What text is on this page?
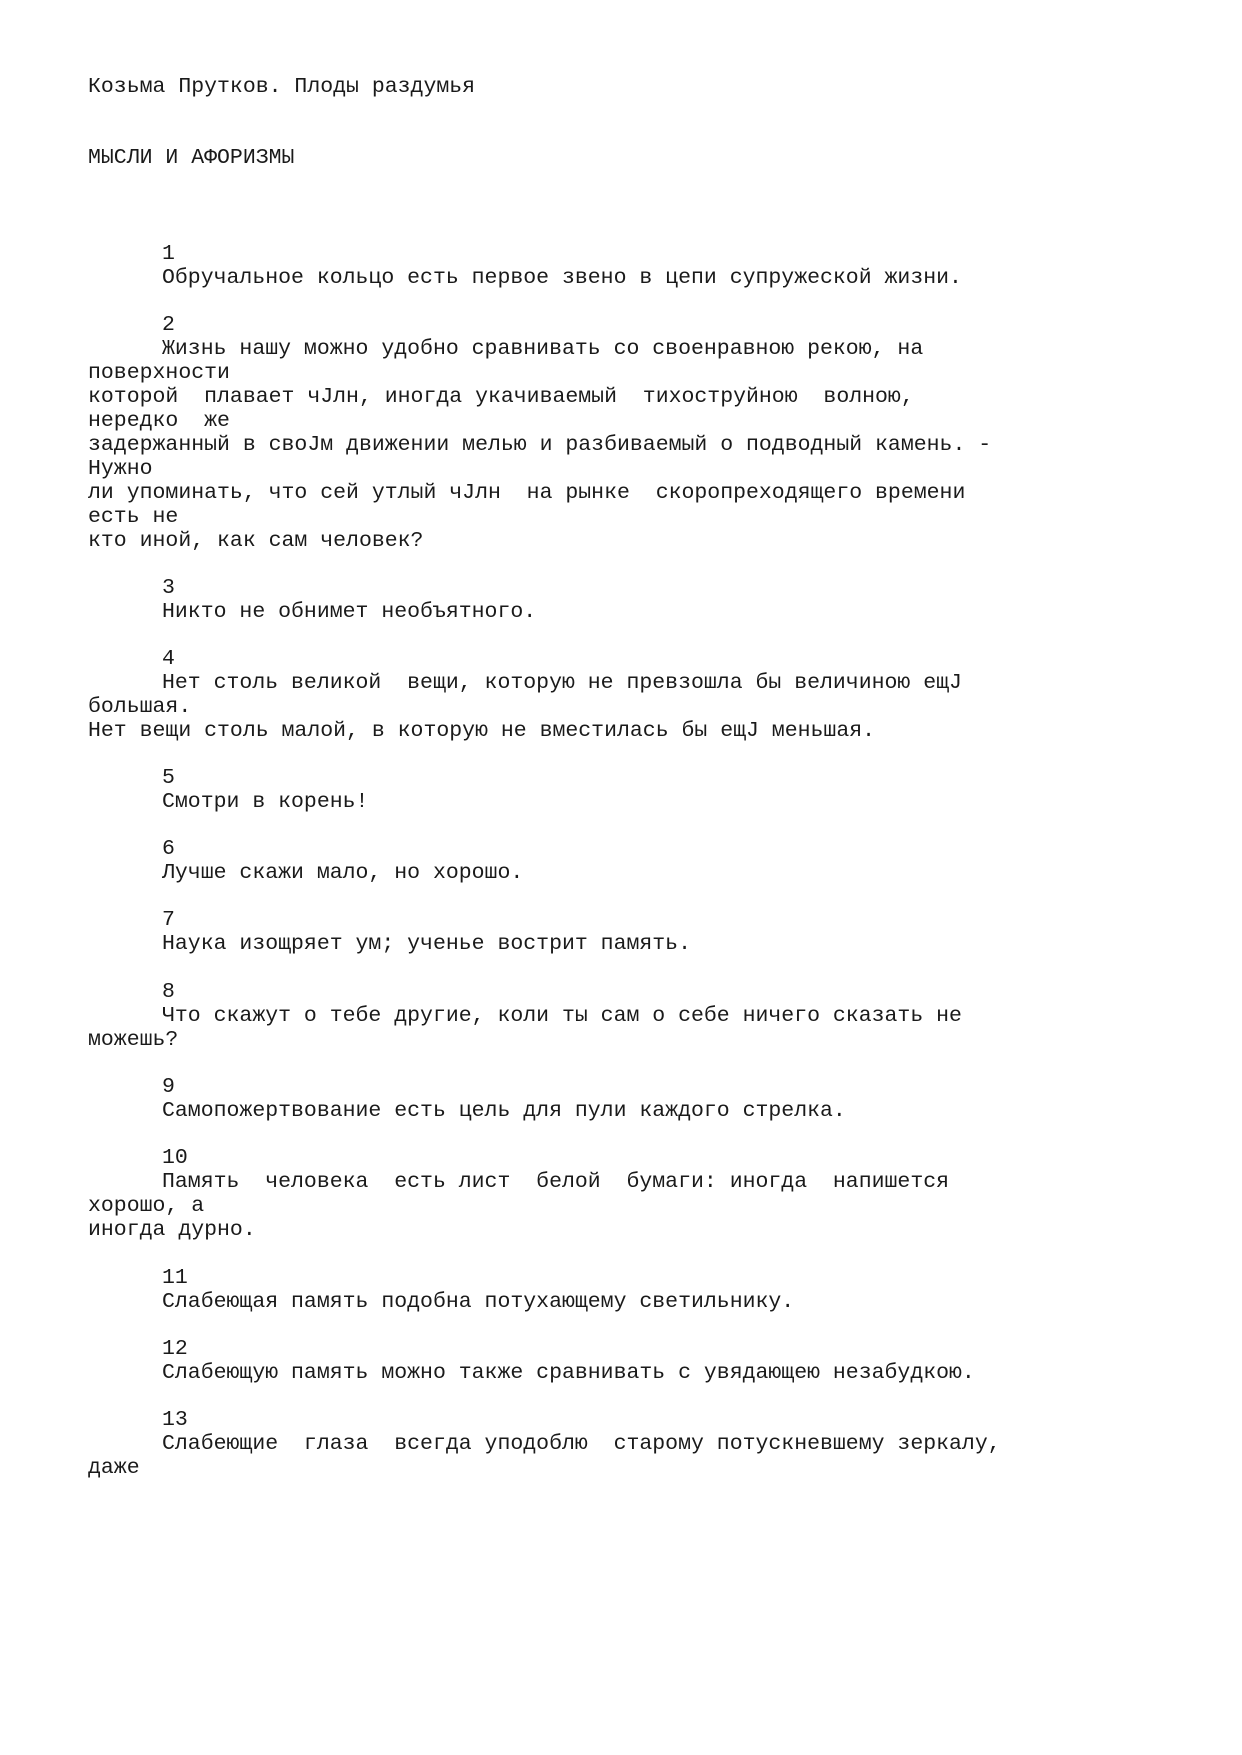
Козьма Прутков. Плоды раздумья
МЫСЛИ И АФОРИЗМЫ
1
Обручальное кольцо есть первое звено в цепи супружеской жизни.
2
Жизнь нашу можно удобно сравнивать со своенравною рекою, на
поверхности
которой  плавает чJлн, иногда укачиваемый  тихоструйною  волною,
нередко  же
задержанный в своJм движении мелью и разбиваемый о подводный камень. -
Нужно
ли упоминать, что сей утлый чJлн  на рынке  скоропреходящего времени
есть не
кто иной, как сам человек?
3
Никто не обнимет необъятного.
4
Нет столь великой  вещи, которую не превзошла бы величиною ещJ
большая.
Нет вещи столь малой, в которую не вместилась бы ещJ меньшая.
5
Смотри в корень!
6
Лучше скажи мало, но хорошо.
7
Наука изощряет ум; ученье вострит память.
8
Что скажут о тебе другие, коли ты сам о себе ничего сказать не
можешь?
9
Самопожертвование есть цель для пули каждого стрелка.
10
Память  человека  есть лист  белой  бумаги: иногда  напишется
хорошо, а
иногда дурно.
11
Слабеющая память подобна потухающему светильнику.
12
Слабеющую память можно также сравнивать с увядающею незабудкою.
13
Слабеющие  глаза  всегда уподоблю  старому потускневшему зеркалу,
даже
